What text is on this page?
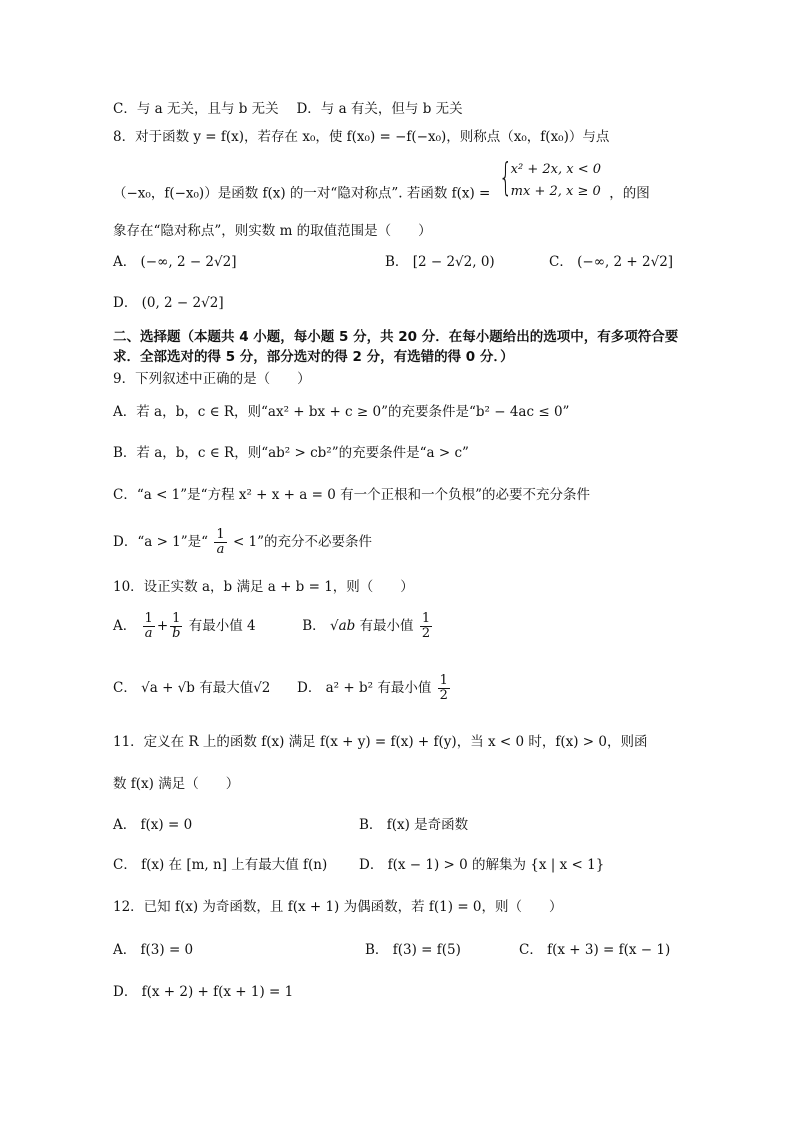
C．与 a 无关，且与 b 无关　 D．与 a 有关，但与 b 无关
8．对于函数 y = f(x)，若存在 x₀，使 f(x₀) = −f(−x₀)，则称点（x₀，f(x₀)）与点
（−x₀，f(−x₀)）是函数 f(x) 的一对“隐对称点”. 若函数 f(x) = {
x² + 2x, x < 0
mx + 2, x ≥ 0 ，的图
象存在“隐对称点”，则实数 m 的取值范围是（　　）
A． (−∞, 2 − 2√2]	B． [2 − 2√2, 0)	C． (−∞, 2 + 2√2]
D． (0, 2 − 2√2]
二、选择题（本题共 4 小题，每小题 5 分，共 20 分．在每小题给出的选项中，有多项符合要
求．全部选对的得 5 分，部分选对的得 2 分，有选错的得 0 分．）
9．下列叙述中正确的是（　　）
A．若 a，b，c ∈ R，则“ax² + bx + c ≥ 0”的充要条件是“b² − 4ac ≤ 0”
B．若 a，b，c ∈ R，则“ab² > cb²”的充要条件是“a > c”
C．“a < 1”是“方程 x² + x + a = 0 有一个正根和一个负根”的必要不充分条件
D．“a > 1”是“ $\frac{1}{a} < 1$”的充分不必要条件
10．设正实数 a，b 满足 a + b = 1，则（　　）
A． $\frac{1}{a} + \frac{1}{b}$ 有最小值 4	B． √ab 有最小值 $\frac{1}{2}$
C． √a + √b 有最大值√2 D． a² + b² 有最小值 $\frac{1}{2}$
11．定义在 R 上的函数 f(x) 满足 f(x + y) = f(x) + f(y)，当 x < 0 时，f(x) > 0，则函
数 f(x) 满足（　　）
A． f(x) = 0	B． f(x) 是奇函数
C． f(x) 在 [m, n] 上有最大值 f(n) D． f(x − 1) > 0 的解集为 {x | x < 1}
12．已知 f(x) 为奇函数，且 f(x + 1) 为偶函数，若 f(1) = 0，则（　　）
A． f(3) = 0	B． f(3) = f(5)	C． f(x + 3) = f(x − 1)
D． f(x + 2) + f(x + 1) = 1
